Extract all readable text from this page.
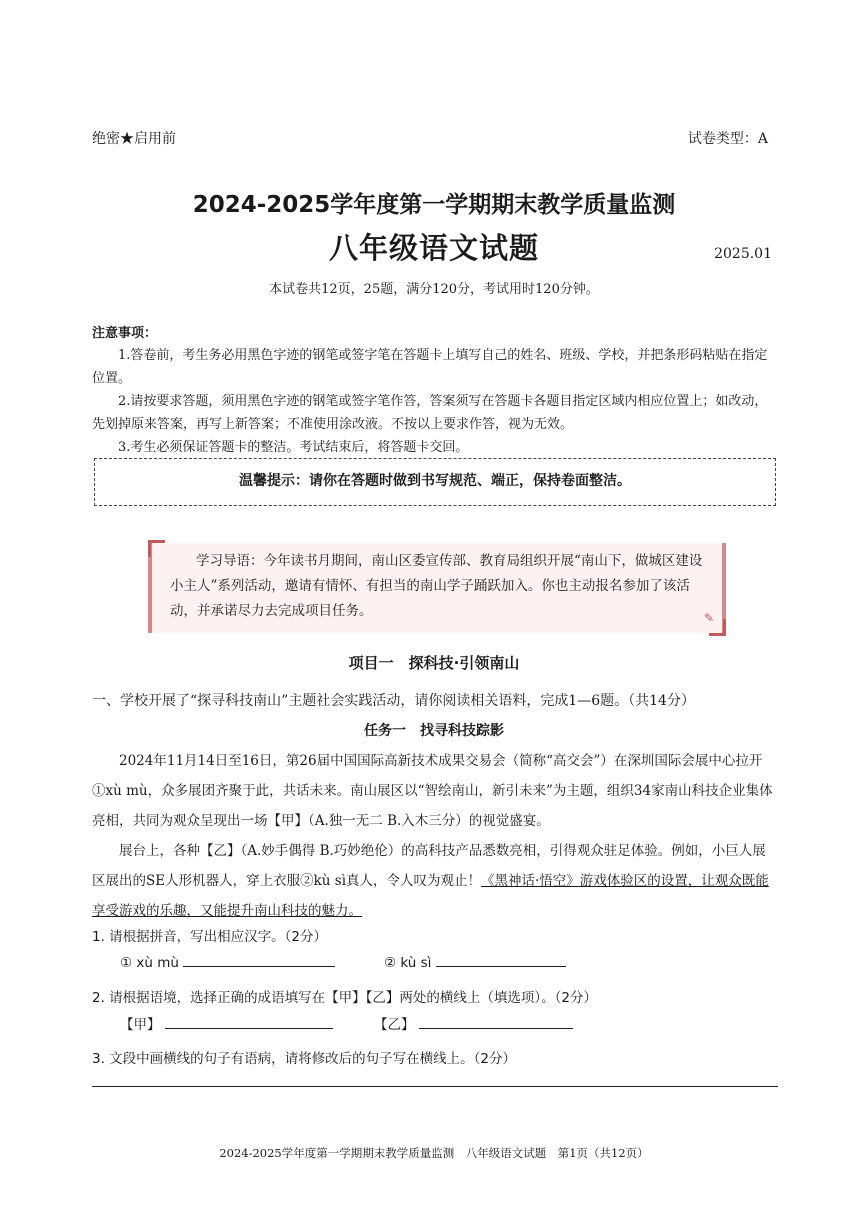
绝密★启用前	试卷类型：A
2024-2025学年度第一学期期末教学质量监测
八年级语文试题	2025.01
本试卷共12页，25题，满分120分，考试用时120分钟。
注意事项：
1.答卷前，考生务必用黑色字迹的钢笔或签字笔在答题卡上填写自己的姓名、班级、学校，并把条形码粘贴在指定位置。
2.请按要求答题，须用黑色字迹的钢笔或签字笔作答，答案须写在答题卡各题目指定区域内相应位置上；如改动，先划掉原来答案，再写上新答案；不准使用涂改液。不按以上要求作答，视为无效。
3.考生必须保证答题卡的整洁。考试结束后，将答题卡交回。
温馨提示：请你在答题时做到书写规范、端正，保持卷面整洁。
学习导语：今年读书月期间，南山区委宣传部、教育局组织开展“南山下，做城区建设小主人”系列活动，邀请有情怀、有担当的南山学子踊跃加入。你也主动报名参加了该活动，并承诺尽力去完成项目任务。	✎
项目一　探科技·引领南山
一、学校开展了“探寻科技南山”主题社会实践活动，请你阅读相关语料，完成1—6题。（共14分）
任务一　找寻科技踪影

2024年11月14日至16日，第26届中国国际高新技术成果交易会（简称“高交会”）在深圳国际会展中心拉开①xù mù，众多展团齐聚于此，共话未来。南山展区以“智绘南山，新引未来”为主题，组织34家南山科技企业集体亮相，共同为观众呈现出一场【甲】（A.独一无二 B.入木三分）的视觉盛宴。

展台上，各种【乙】（A.妙手偶得 B.巧妙绝伦）的高科技产品悉数亮相，引得观众驻足体验。例如，小巨人展区展出的SE人形机器人，穿上衣服②kù sì真人，令人叹为观止！《黑神话·悟空》游戏体验区的设置，让观众既能享受游戏的乐趣，又能提升南山科技的魅力。

1. 请根据拼音，写出相应汉字。（2分）
① xù mù	② kù sì
2. 请根据语境，选择正确的成语填写在【甲】【乙】两处的横线上（填选项）。（2分）
【甲】	【乙】
3. 文段中画横线的句子有语病，请将修改后的句子写在横线上。（2分）
2024-2025学年度第一学期期末教学质量监测　八年级语文试题　第1页（共12页）
